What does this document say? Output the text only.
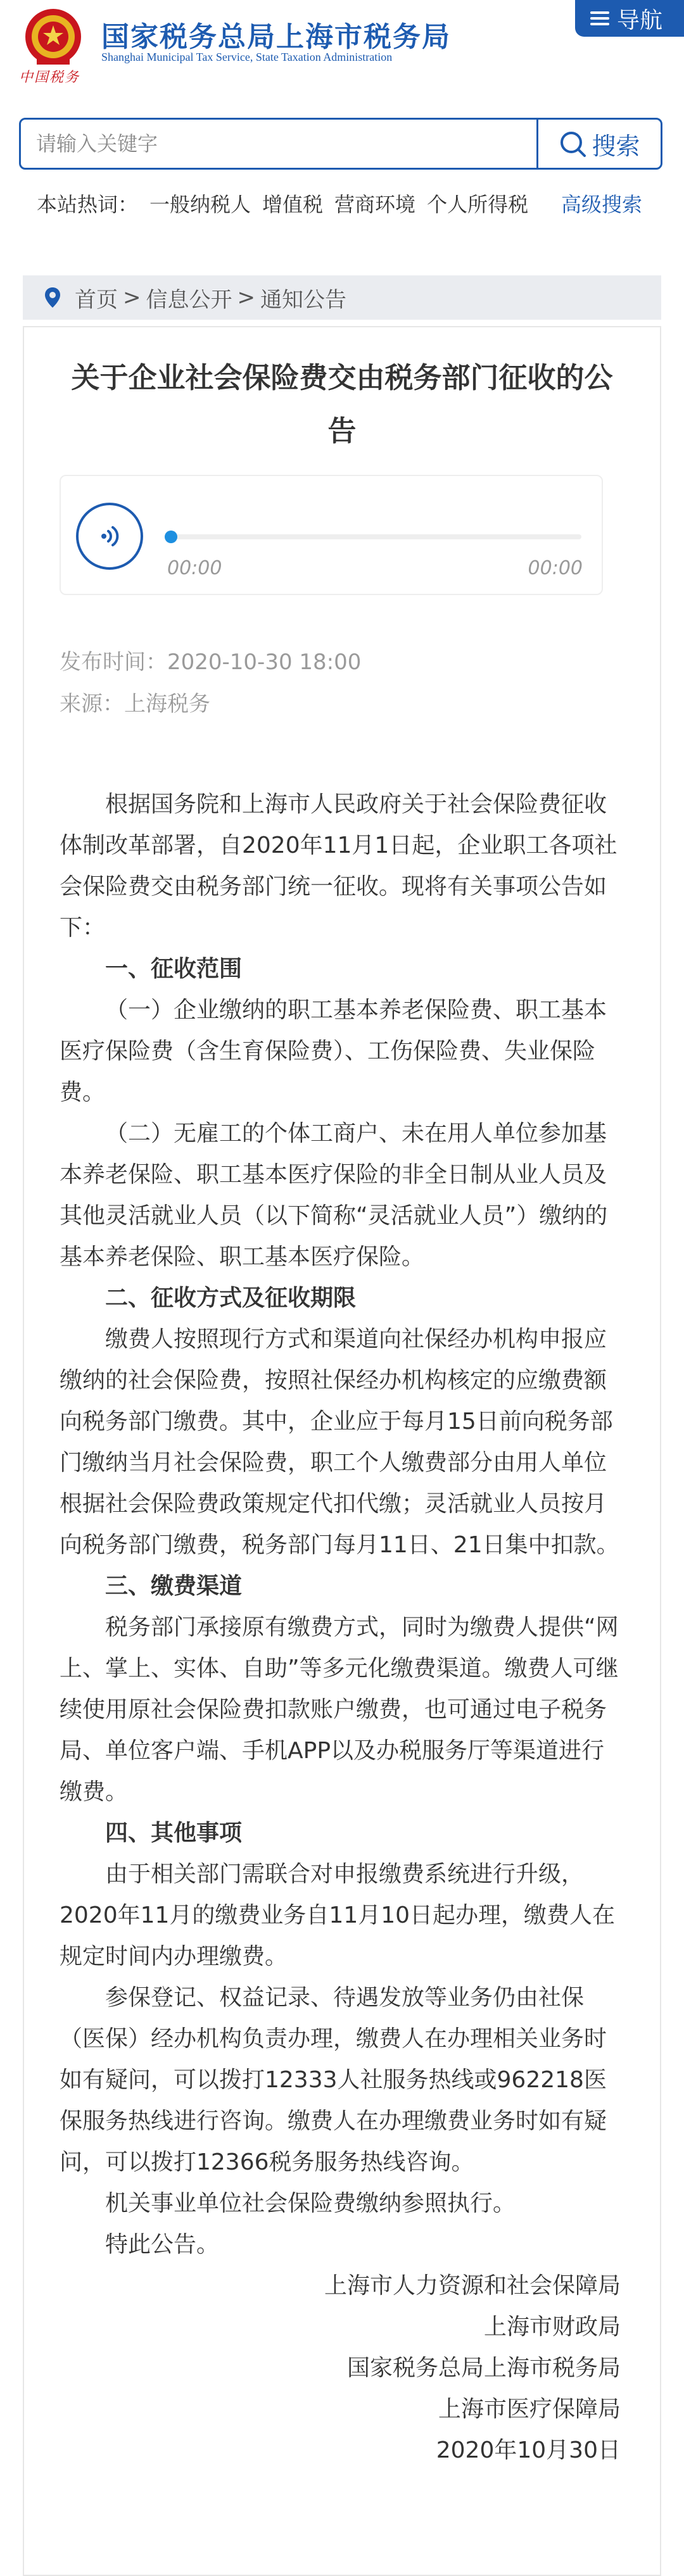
中国税务
国家税务总局上海市税务局
Shanghai Municipal Tax Service, State Taxation Administration
导航
请输入关键字
搜索
本站热词： 一般纳税人 增值税 营商环境 个人所得税	高级搜索
首页 > 信息公开 > 通知公告
关于企业社会保险费交由税务部门征收的公告
00:00	00:00
发布时间：2020-10-30 18:00
来源：上海税务

根据国务院和上海市人民政府关于社会保险费征收体制改革部署，自2020年11月1日起，企业职工各项社会保险费交由税务部门统一征收。现将有关事项公告如下：

一、征收范围

（一）企业缴纳的职工基本养老保险费、职工基本医疗保险费（含生育保险费）、工伤保险费、失业保险费。

（二）无雇工的个体工商户、未在用人单位参加基本养老保险、职工基本医疗保险的非全日制从业人员及其他灵活就业人员（以下简称“灵活就业人员”）缴纳的基本养老保险、职工基本医疗保险。

二、征收方式及征收期限

缴费人按照现行方式和渠道向社保经办机构申报应缴纳的社会保险费，按照社保经办机构核定的应缴费额向税务部门缴费。其中，企业应于每月15日前向税务部门缴纳当月社会保险费，职工个人缴费部分由用人单位根据社会保险费政策规定代扣代缴；灵活就业人员按月向税务部门缴费，税务部门每月11日、21日集中扣款。

三、缴费渠道

税务部门承接原有缴费方式，同时为缴费人提供“网上、掌上、实体、自助”等多元化缴费渠道。缴费人可继续使用原社会保险费扣款账户缴费，也可通过电子税务局、单位客户端、手机APP以及办税服务厅等渠道进行缴费。

四、其他事项

由于相关部门需联合对申报缴费系统进行升级，2020年11月的缴费业务自11月10日起办理，缴费人在规定时间内办理缴费。

参保登记、权益记录、待遇发放等业务仍由社保（医保）经办机构负责办理，缴费人在办理相关业务时如有疑问，可以拨打12333人社服务热线或962218医保服务热线进行咨询。缴费人在办理缴费业务时如有疑问，可以拨打12366税务服务热线咨询。

机关事业单位社会保险费缴纳参照执行。

特此公告。

上海市人力资源和社会保障局

上海市财政局

国家税务总局上海市税务局

上海市医疗保障局

2020年10月30日
